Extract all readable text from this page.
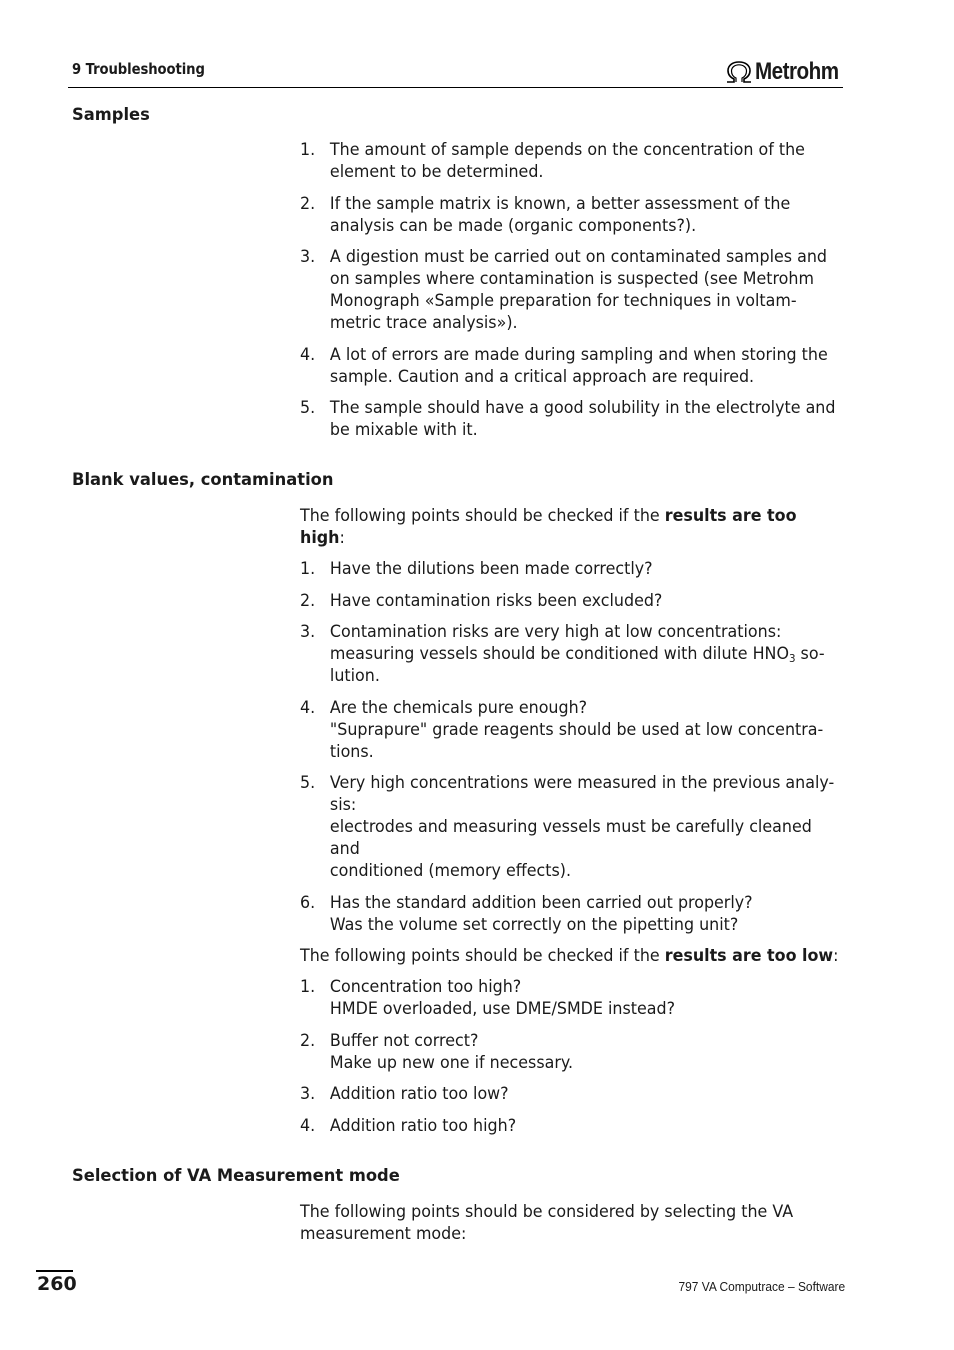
9 Troubleshooting	Metrohm
Samples
1. The amount of sample depends on the concentration of the
element to be determined.
2. If the sample matrix is known, a better assessment of the
analysis can be made (organic components?).
3. A digestion must be carried out on contaminated samples and
on samples where contamination is suspected (see Metrohm
Monograph «Sample preparation for techniques in voltam-
metric trace analysis»).
4. A lot of errors are made during sampling and when storing the
sample. Caution and a critical approach are required.
5. The sample should have a good solubility in the electrolyte and
be mixable with it.
Blank values, contamination

The following points should be checked if the results are too high:

1. Have the dilutions been made correctly?
2. Have contamination risks been excluded?
3. Contamination risks are very high at low concentrations:
measuring vessels should be conditioned with dilute $HNO_3$ so-
lution.
4. Are the chemicals pure enough?
"Suprapure" grade reagents should be used at low concentra-
tions.
5. Very high concentrations were measured in the previous analy-
sis:
electrodes and measuring vessels must be carefully cleaned and
conditioned (memory effects).
6. Has the standard addition been carried out properly?
Was the volume set correctly on the pipetting unit?

The following points should be checked if the results are too low:

1. Concentration too high?
HMDE overloaded, use DME/SMDE instead?
2. Buffer not correct?
Make up new one if necessary.
3. Addition ratio too low?
4. Addition ratio too high?
Selection of VA Measurement mode

The following points should be considered by selecting the VA measurement mode:

260	797 VA Computrace – Software
